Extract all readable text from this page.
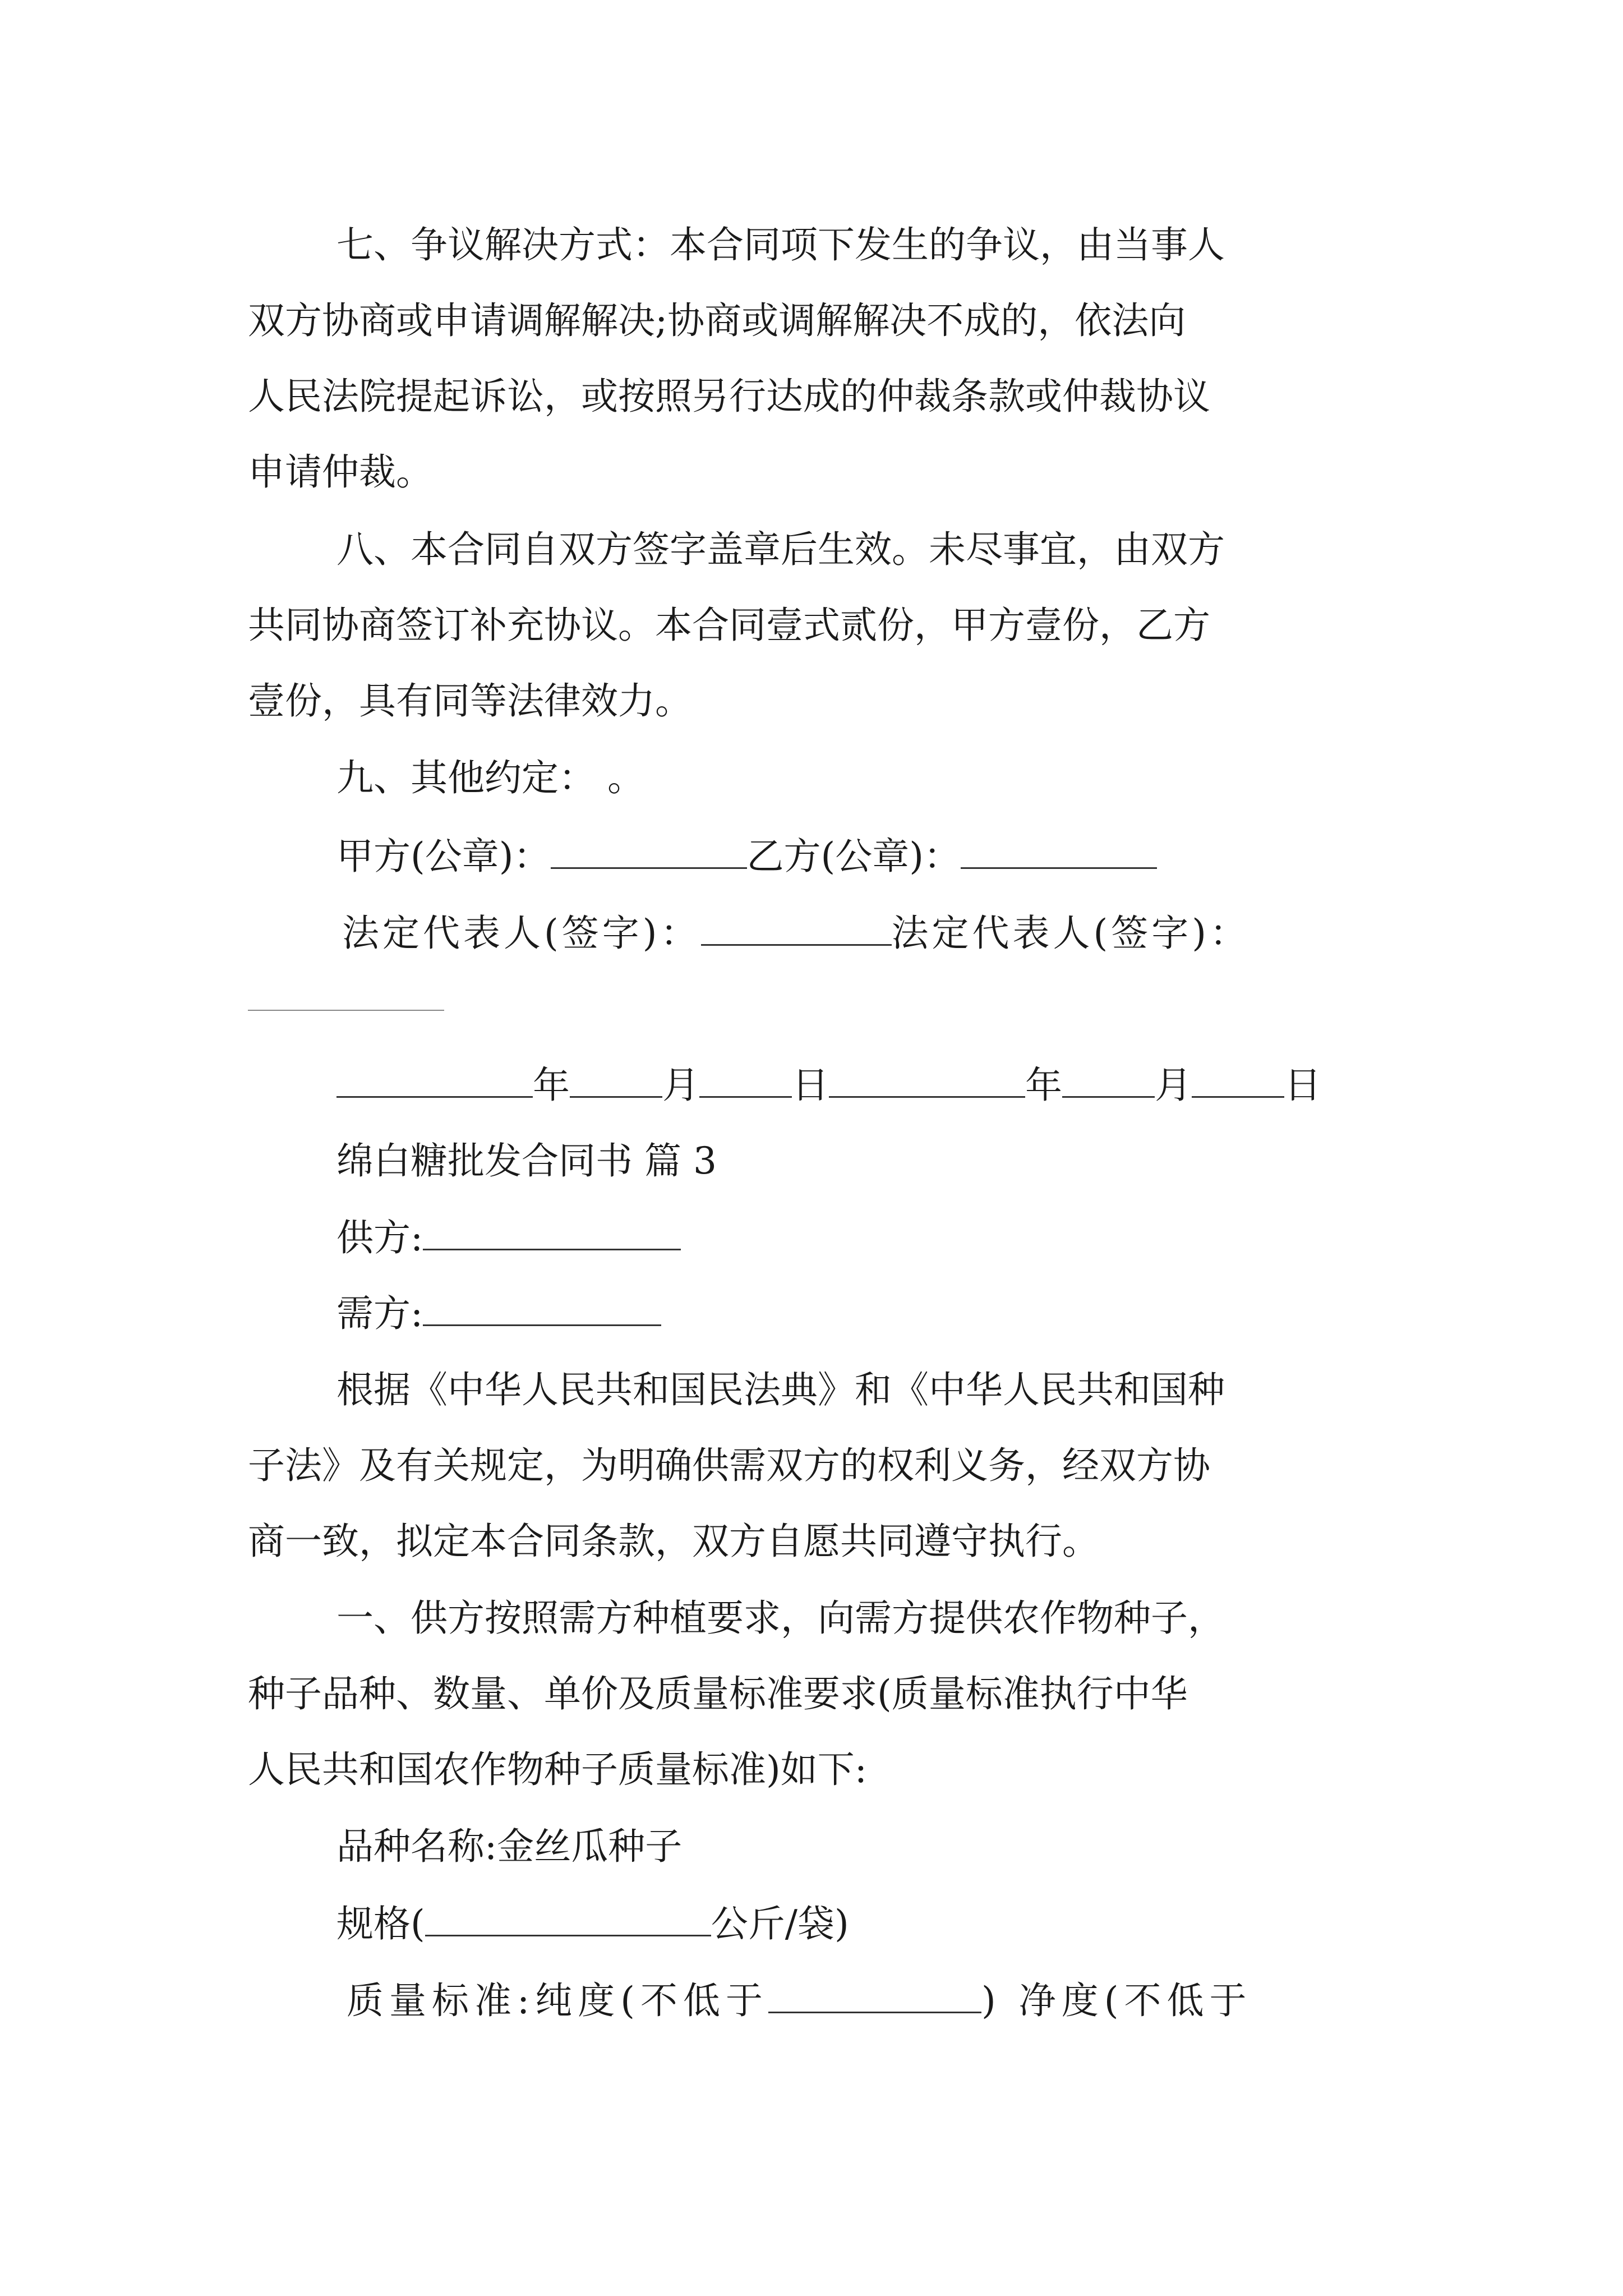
七、争议解决方式：本合同项下发生的争议，由当事人
双方协商或申请调解解决;协商或调解解决不成的，依法向
人民法院提起诉讼，或按照另行达成的仲裁条款或仲裁协议
申请仲裁。
八、本合同自双方签字盖章后生效。未尽事宜，由双方
共同协商签订补充协议。本合同壹式贰份，甲方壹份，乙方
壹份，具有同等法律效力。
九、其他约定： 。
甲方(公章)：	乙方(公章)：
法定代表人(签字)：	法定代表人(签字)：
年	月	日	年	月	日
绵白糖批发合同书 篇 3
供方:
需方:
根据《中华人民共和国民法典》和《中华人民共和国种
子法》及有关规定，为明确供需双方的权利义务，经双方协
商一致，拟定本合同条款，双方自愿共同遵守执行。
一、供方按照需方种植要求，向需方提供农作物种子，
种子品种、数量、单价及质量标准要求(质量标准执行中华
人民共和国农作物种子质量标准)如下:
品种名称:金丝瓜种子
规格(	公斤/袋)
质量标准:纯度(不低于	) 净度(不低于
